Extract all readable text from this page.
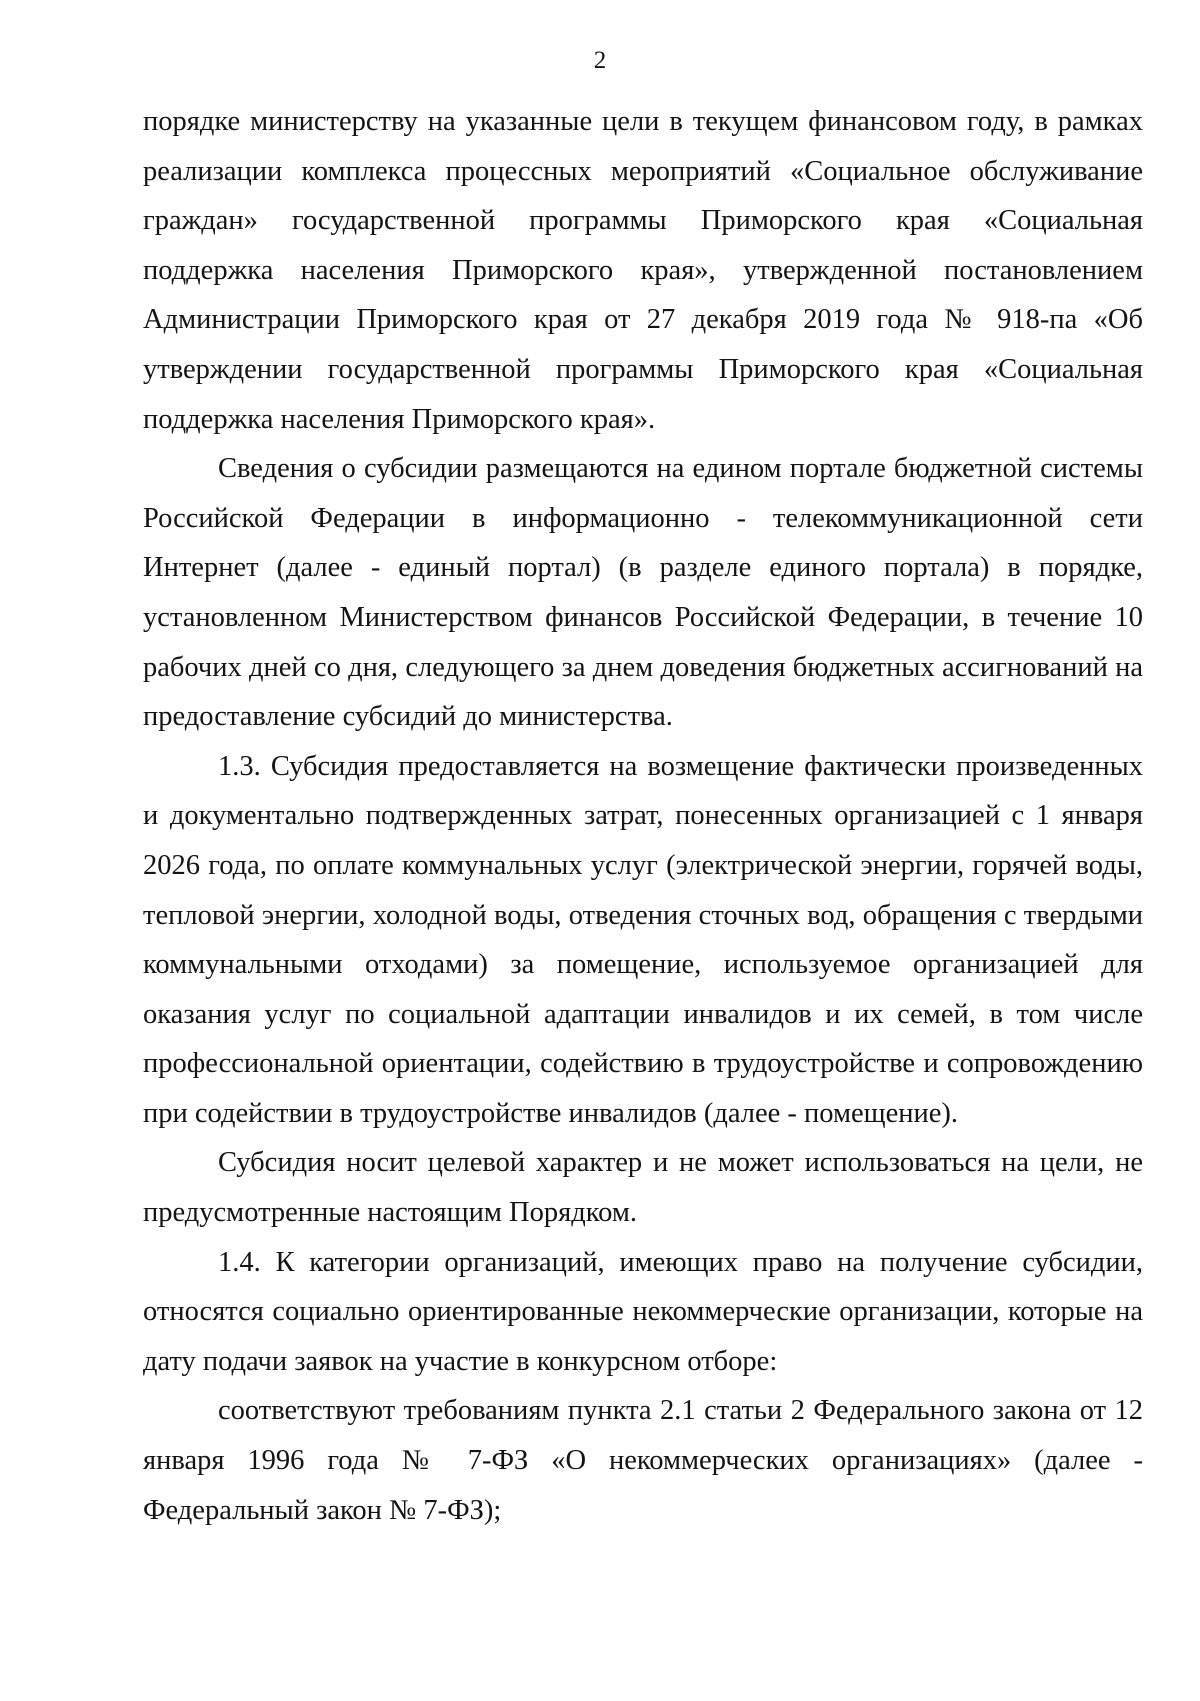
2

порядке министерству на указанные цели в текущем финансовом году, в рамках реализации комплекса процессных мероприятий «Социальное обслуживание граждан» государственной программы Приморского края «Социальная поддержка населения Приморского края», утвержденной постановлением Администрации Приморского края от 27 декабря 2019 года № 918-па «Об утверждении государственной программы Приморского края «Социальная поддержка населения Приморского края».

Сведения о субсидии размещаются на едином портале бюджетной системы Российской Федерации в информационно - телекоммуникационной сети Интернет (далее - единый портал) (в разделе единого портала) в порядке, установленном Министерством финансов Российской Федерации, в течение 10 рабочих дней со дня, следующего за днем доведения бюджетных ассигнований на предоставление субсидий до министерства.

1.3. Субсидия предоставляется на возмещение фактически произведенных и документально подтвержденных затрат, понесенных организацией с 1 января 2026 года, по оплате коммунальных услуг (электрической энергии, горячей воды, тепловой энергии, холодной воды, отведения сточных вод, обращения с твердыми коммунальными отходами) за помещение, используемое организацией для оказания услуг по социальной адаптации инвалидов и их семей, в том числе профессиональной ориентации, содействию в трудоустройстве и сопровождению при содействии в трудоустройстве инвалидов (далее - помещение).

Субсидия носит целевой характер и не может использоваться на цели, не предусмотренные настоящим Порядком.

1.4. К категории организаций, имеющих право на получение субсидии, относятся социально ориентированные некоммерческие организации, которые на дату подачи заявок на участие в конкурсном отборе:

соответствуют требованиям пункта 2.1 статьи 2 Федерального закона от 12 января 1996 года № 7-ФЗ «О некоммерческих организациях» (далее - Федеральный закон № 7-ФЗ);
